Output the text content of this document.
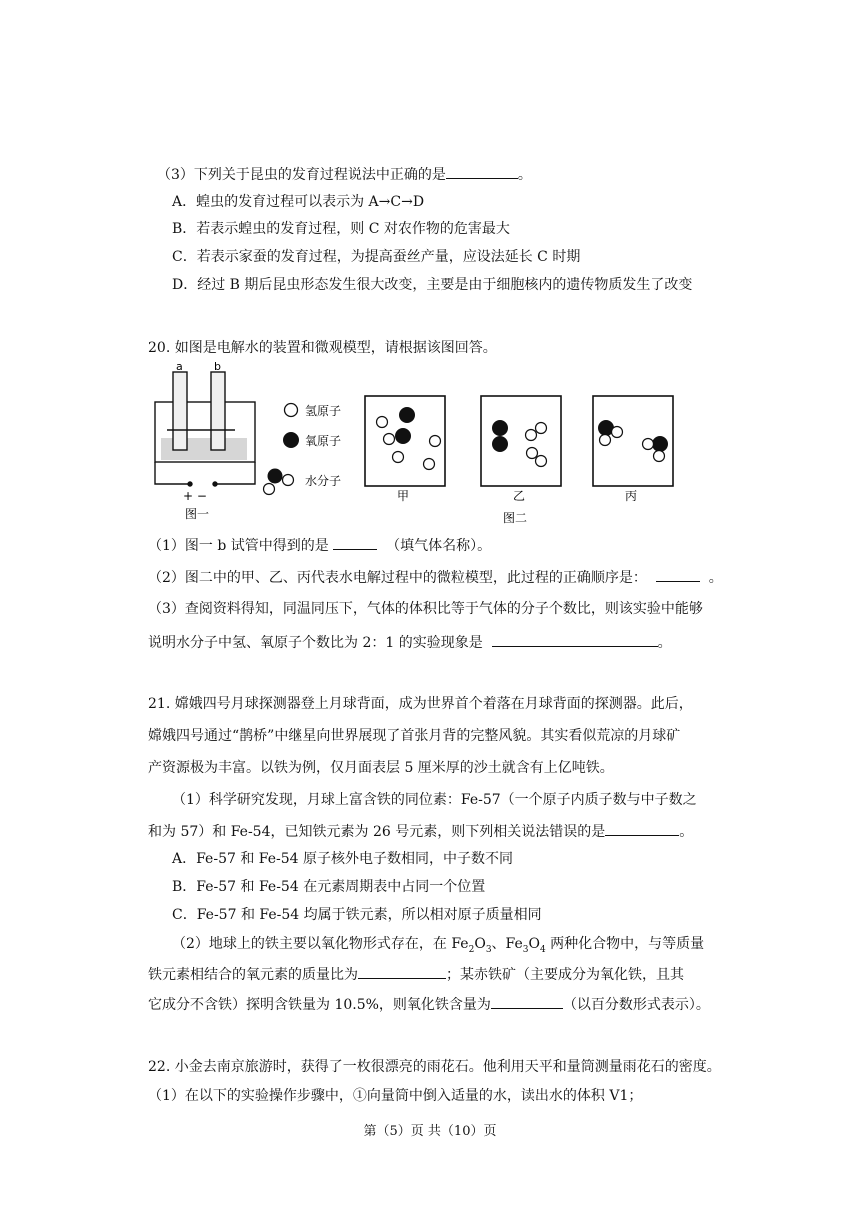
（3）下列关于昆虫的发育过程说法中正确的是	。
A．蝗虫的发育过程可以表示为 A→C→D
B．若表示蝗虫的发育过程，则 C 对农作物的危害最大
C．若表示家蚕的发育过程，为提高蚕丝产量，应设法延长 C 时期
D．经过 B 期后昆虫形态发生很大改变，主要是由于细胞核内的遗传物质发生了改变
20. 如图是电解水的装置和微观模型，请根据该图回答。
a	b
+ −
图一
氢原子
氧原子
水分子
甲	乙
图二
丙
（1）图一 b 试管中得到的是	（填气体名称）。
（2）图二中的甲、乙、丙代表水电解过程中的微粒模型，此过程的正确顺序是：	。
（3）查阅资料得知，同温同压下，气体的体积比等于气体的分子个数比，则该实验中能够
说明水分子中氢、氧原子个数比为 2：1 的实验现象是	。
21. 嫦娥四号月球探测器登上月球背面，成为世界首个着落在月球背面的探测器。此后，
嫦娥四号通过“鹊桥”中继星向世界展现了首张月背的完整风貌。其实看似荒凉的月球矿
产资源极为丰富。以铁为例，仅月面表层 5 厘米厚的沙土就含有上亿吨铁。
（1）科学研究发现，月球上富含铁的同位素：Fe-57（一个原子内质子数与中子数之
和为 57）和 Fe-54，已知铁元素为 26 号元素，则下列相关说法错误的是	。
A．Fe-57 和 Fe-54 原子核外电子数相同，中子数不同
B．Fe-57 和 Fe-54 在元素周期表中占同一个位置
C．Fe-57 和 Fe-54 均属于铁元素，所以相对原子质量相同
（2）地球上的铁主要以氧化物形式存在，在 $Fe_2O_3$、$Fe_3O_4$ 两种化合物中，与等质量
铁元素相结合的氧元素的质量比为	；某赤铁矿（主要成分为氧化铁，且其
它成分不含铁）探明含铁量为 10.5%，则氧化铁含量为	（以百分数形式表示）。
22. 小金去南京旅游时，获得了一枚很漂亮的雨花石。他利用天平和量筒测量雨花石的密度。
（1）在以下的实验操作步骤中，①向量筒中倒入适量的水，读出水的体积 V1；
第（5）页 共（10）页
